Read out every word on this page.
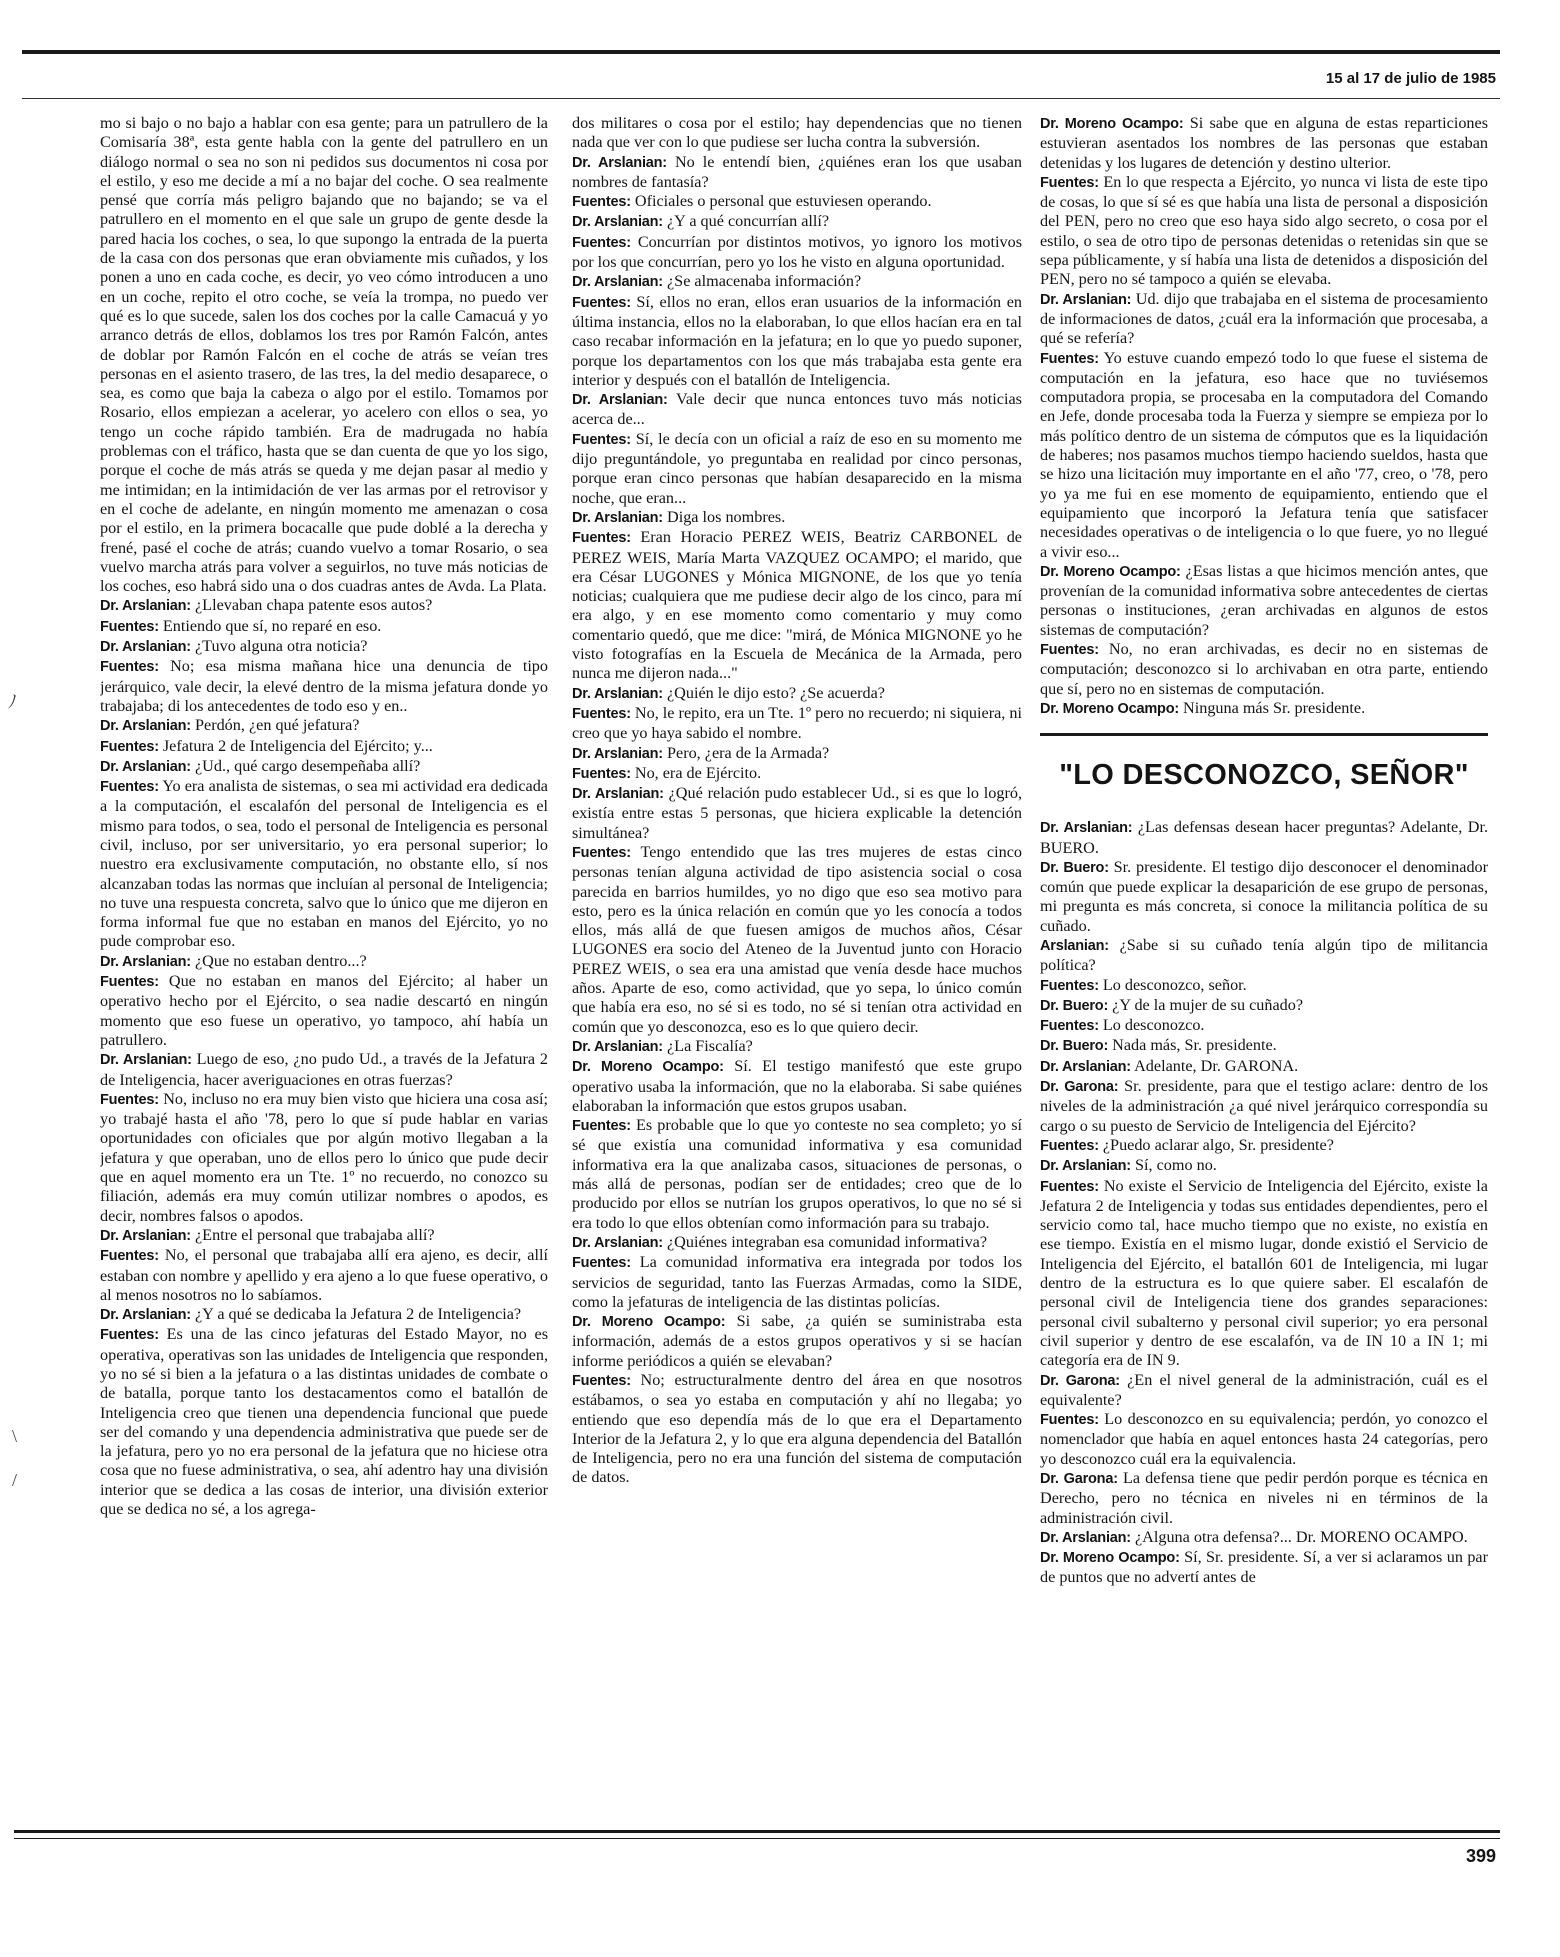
15 al 17 de julio de 1985

mo si bajo o no bajo a hablar con esa gente; para un patrullero de la Comisaría 38ª, esta gente habla con la gente del patrullero en un diálogo normal o sea no son ni pedidos sus documentos ni cosa por el estilo, y eso me decide a mí a no bajar del coche. O sea realmente pensé que corría más peligro bajando que no bajando; se va el patrullero en el momento en el que sale un grupo de gente desde la pared hacia los coches, o sea, lo que supongo la entrada de la puerta de la casa con dos personas que eran obviamente mis cuñados, y los ponen a uno en cada coche, es decir, yo veo cómo introducen a uno en un coche, repito el otro coche, se veía la trompa, no puedo ver qué es lo que sucede, salen los dos coches por la calle Camacuá y yo arranco detrás de ellos, doblamos los tres por Ramón Falcón, antes de doblar por Ramón Falcón en el coche de atrás se veían tres personas en el asiento trasero, de las tres, la del medio desaparece, o sea, es como que baja la cabeza o algo por el estilo. Tomamos por Rosario, ellos empiezan a acelerar, yo acelero con ellos o sea, yo tengo un coche rápido también. Era de madrugada no había problemas con el tráfico, hasta que se dan cuenta de que yo los sigo, porque el coche de más atrás se queda y me dejan pasar al medio y me intimidan; en la intimidación de ver las armas por el retrovisor y en el coche de adelante, en ningún momento me amenazan o cosa por el estilo, en la primera bocacalle que pude doblé a la derecha y frené, pasé el coche de atrás; cuando vuelvo a tomar Rosario, o sea vuelvo marcha atrás para volver a seguirlos, no tuve más noticias de los coches, eso habrá sido una o dos cuadras antes de Avda. La Plata.

Dr. Arslanian: ¿Llevaban chapa patente esos autos?

Fuentes: Entiendo que sí, no reparé en eso.

Dr. Arslanian: ¿Tuvo alguna otra noticia?

Fuentes: No; esa misma mañana hice una denuncia de tipo jerárquico, vale decir, la elevé dentro de la misma jefatura donde yo trabajaba; di los antecedentes de todo eso y en..

Dr. Arslanian: Perdón, ¿en qué jefatura?

Fuentes: Jefatura 2 de Inteligencia del Ejército; y...

Dr. Arslanian: ¿Ud., qué cargo desempeñaba allí?

Fuentes: Yo era analista de sistemas, o sea mi actividad era dedicada a la computación, el escalafón del personal de Inteligencia es el mismo para todos, o sea, todo el personal de Inteligencia es personal civil, incluso, por ser universitario, yo era personal superior; lo nuestro era exclusivamente computación, no obstante ello, sí nos alcanzaban todas las normas que incluían al personal de Inteligencia; no tuve una respuesta concreta, salvo que lo único que me dijeron en forma informal fue que no estaban en manos del Ejército, yo no pude comprobar eso.

Dr. Arslanian: ¿Que no estaban dentro...?

Fuentes: Que no estaban en manos del Ejército; al haber un operativo hecho por el Ejército, o sea nadie descartó en ningún momento que eso fuese un operativo, yo tampoco, ahí había un patrullero.

Dr. Arslanian: Luego de eso, ¿no pudo Ud., a través de la Jefatura 2 de Inteligencia, hacer averiguaciones en otras fuerzas?

Fuentes: No, incluso no era muy bien visto que hiciera una cosa así; yo trabajé hasta el año '78, pero lo que sí pude hablar en varias oportunidades con oficiales que por algún motivo llegaban a la jefatura y que operaban, uno de ellos pero lo único que pude decir que en aquel momento era un Tte. 1º no recuerdo, no conozco su filiación, además era muy común utilizar nombres o apodos, es decir, nombres falsos o apodos.

Dr. Arslanian: ¿Entre el personal que trabajaba allí?

Fuentes: No, el personal que trabajaba allí era ajeno, es decir, allí estaban con nombre y apellido y era ajeno a lo que fuese operativo, o al menos nosotros no lo sabíamos.

Dr. Arslanian: ¿Y a qué se dedicaba la Jefatura 2 de Inteligencia?

Fuentes: Es una de las cinco jefaturas del Estado Mayor, no es operativa, operativas son las unidades de Inteligencia que responden, yo no sé si bien a la jefatura o a las distintas unidades de combate o de batalla, porque tanto los destacamentos como el batallón de Inteligencia creo que tienen una dependencia funcional que puede ser del comando y una dependencia administrativa que puede ser de la jefatura, pero yo no era personal de la jefatura que no hiciese otra cosa que no fuese administrativa, o sea, ahí adentro hay una división interior que se dedica a las cosas de interior, una división exterior que se dedica no sé, a los agrega-

dos militares o cosa por el estilo; hay dependencias que no tienen nada que ver con lo que pudiese ser lucha contra la subversión.

Dr. Arslanian: No le entendí bien, ¿quiénes eran los que usaban nombres de fantasía?

Fuentes: Oficiales o personal que estuviesen operando.

Dr. Arslanian: ¿Y a qué concurrían allí?

Fuentes: Concurrían por distintos motivos, yo ignoro los motivos por los que concurrían, pero yo los he visto en alguna oportunidad.

Dr. Arslanian: ¿Se almacenaba información?

Fuentes: Sí, ellos no eran, ellos eran usuarios de la información en última instancia, ellos no la elaboraban, lo que ellos hacían era en tal caso recabar información en la jefatura; en lo que yo puedo suponer, porque los departamentos con los que más trabajaba esta gente era interior y después con el batallón de Inteligencia.

Dr. Arslanian: Vale decir que nunca entonces tuvo más noticias acerca de...

Fuentes: Sí, le decía con un oficial a raíz de eso en su momento me dijo preguntándole, yo preguntaba en realidad por cinco personas, porque eran cinco personas que habían desaparecido en la misma noche, que eran...

Dr. Arslanian: Diga los nombres.

Fuentes: Eran Horacio PEREZ WEIS, Beatriz CARBONEL de PEREZ WEIS, María Marta VAZQUEZ OCAMPO; el marido, que era César LUGONES y Mónica MIGNONE, de los que yo tenía noticias; cualquiera que me pudiese decir algo de los cinco, para mí era algo, y en ese momento como comentario y muy como comentario quedó, que me dice: "mirá, de Mónica MIGNONE yo he visto fotografías en la Escuela de Mecánica de la Armada, pero nunca me dijeron nada..."

Dr. Arslanian: ¿Quién le dijo esto? ¿Se acuerda?

Fuentes: No, le repito, era un Tte. 1º pero no recuerdo; ni siquiera, ni creo que yo haya sabido el nombre.

Dr. Arslanian: Pero, ¿era de la Armada?

Fuentes: No, era de Ejército.

Dr. Arslanian: ¿Qué relación pudo establecer Ud., si es que lo logró, existía entre estas 5 personas, que hiciera explicable la detención simultánea?

Fuentes: Tengo entendido que las tres mujeres de estas cinco personas tenían alguna actividad de tipo asistencia social o cosa parecida en barrios humildes, yo no digo que eso sea motivo para esto, pero es la única relación en común que yo les conocía a todos ellos, más allá de que fuesen amigos de muchos años, César LUGONES era socio del Ateneo de la Juventud junto con Horacio PEREZ WEIS, o sea era una amistad que venía desde hace muchos años. Aparte de eso, como actividad, que yo sepa, lo único común que había era eso, no sé si es todo, no sé si tenían otra actividad en común que yo desconozca, eso es lo que quiero decir.

Dr. Arslanian: ¿La Fiscalía?

Dr. Moreno Ocampo: Sí. El testigo manifestó que este grupo operativo usaba la información, que no la elaboraba. Si sabe quiénes elaboraban la información que estos grupos usaban.

Fuentes: Es probable que lo que yo conteste no sea completo; yo sí sé que existía una comunidad informativa y esa comunidad informativa era la que analizaba casos, situaciones de personas, o más allá de personas, podían ser de entidades; creo que de lo producido por ellos se nutrían los grupos operativos, lo que no sé si era todo lo que ellos obtenían como información para su trabajo.

Dr. Arslanian: ¿Quiénes integraban esa comunidad informativa?

Fuentes: La comunidad informativa era integrada por todos los servicios de seguridad, tanto las Fuerzas Armadas, como la SIDE, como la jefaturas de inteligencia de las distintas policías.

Dr. Moreno Ocampo: Si sabe, ¿a quién se suministraba esta información, además de a estos grupos operativos y si se hacían informe periódicos a quién se elevaban?

Fuentes: No; estructuralmente dentro del área en que nosotros estábamos, o sea yo estaba en computación y ahí no llegaba; yo entiendo que eso dependía más de lo que era el Departamento Interior de la Jefatura 2, y lo que era alguna dependencia del Batallón de Inteligencia, pero no era una función del sistema de computación de datos.

Dr. Moreno Ocampo: Si sabe que en alguna de estas reparticiones estuvieran asentados los nombres de las personas que estaban detenidas y los lugares de detención y destino ulterior.

Fuentes: En lo que respecta a Ejército, yo nunca vi lista de este tipo de cosas, lo que sí sé es que había una lista de personal a disposición del PEN, pero no creo que eso haya sido algo secreto, o cosa por el estilo, o sea de otro tipo de personas detenidas o retenidas sin que se sepa públicamente, y sí había una lista de detenidos a disposición del PEN, pero no sé tampoco a quién se elevaba.

Dr. Arslanian: Ud. dijo que trabajaba en el sistema de procesamiento de informaciones de datos, ¿cuál era la información que procesaba, a qué se refería?

Fuentes: Yo estuve cuando empezó todo lo que fuese el sistema de computación en la jefatura, eso hace que no tuviésemos computadora propia, se procesaba en la computadora del Comando en Jefe, donde procesaba toda la Fuerza y siempre se empieza por lo más político dentro de un sistema de cómputos que es la liquidación de haberes; nos pasamos muchos tiempo haciendo sueldos, hasta que se hizo una licitación muy importante en el año '77, creo, o '78, pero yo ya me fui en ese momento de equipamiento, entiendo que el equipamiento que incorporó la Jefatura tenía que satisfacer necesidades operativas o de inteligencia o lo que fuere, yo no llegué a vivir eso...

Dr. Moreno Ocampo: ¿Esas listas a que hicimos mención antes, que provenían de la comunidad informativa sobre antecedentes de ciertas personas o instituciones, ¿eran archivadas en algunos de estos sistemas de computación?

Fuentes: No, no eran archivadas, es decir no en sistemas de computación; desconozco si lo archivaban en otra parte, entiendo que sí, pero no en sistemas de computación.

Dr. Moreno Ocampo: Ninguna más Sr. presidente.

"LO DESCONOZCO, SEÑOR"

Dr. Arslanian: ¿Las defensas desean hacer preguntas? Adelante, Dr. BUERO.

Dr. Buero: Sr. presidente. El testigo dijo desconocer el denominador común que puede explicar la desaparición de ese grupo de personas, mi pregunta es más concreta, si conoce la militancia política de su cuñado.

Arslanian: ¿Sabe si su cuñado tenía algún tipo de militancia política?

Fuentes: Lo desconozco, señor.

Dr. Buero: ¿Y de la mujer de su cuñado?

Fuentes: Lo desconozco.

Dr. Buero: Nada más, Sr. presidente.

Dr. Arslanian: Adelante, Dr. GARONA.

Dr. Garona: Sr. presidente, para que el testigo aclare: dentro de los niveles de la administración ¿a qué nivel jerárquico correspondía su cargo o su puesto de Servicio de Inteligencia del Ejército?

Fuentes: ¿Puedo aclarar algo, Sr. presidente?

Dr. Arslanian: Sí, como no.

Fuentes: No existe el Servicio de Inteligencia del Ejército, existe la Jefatura 2 de Inteligencia y todas sus entidades dependientes, pero el servicio como tal, hace mucho tiempo que no existe, no existía en ese tiempo. Existía en el mismo lugar, donde existió el Servicio de Inteligencia del Ejército, el batallón 601 de Inteligencia, mi lugar dentro de la estructura es lo que quiere saber. El escalafón de personal civil de Inteligencia tiene dos grandes separaciones: personal civil subalterno y personal civil superior; yo era personal civil superior y dentro de ese escalafón, va de IN 10 a IN 1; mi categoría era de IN 9.

Dr. Garona: ¿En el nivel general de la administración, cuál es el equivalente?

Fuentes: Lo desconozco en su equivalencia; perdón, yo conozco el nomenclador que había en aquel entonces hasta 24 categorías, pero yo desconozco cuál era la equivalencia.

Dr. Garona: La defensa tiene que pedir perdón porque es técnica en Derecho, pero no técnica en niveles ni en términos de la administración civil.

Dr. Arslanian: ¿Alguna otra defensa?... Dr. MORENO OCAMPO.

Dr. Moreno Ocampo: Sí, Sr. presidente. Sí, a ver si aclaramos un par de puntos que no advertí antes de

ﾉ
\
/
399
